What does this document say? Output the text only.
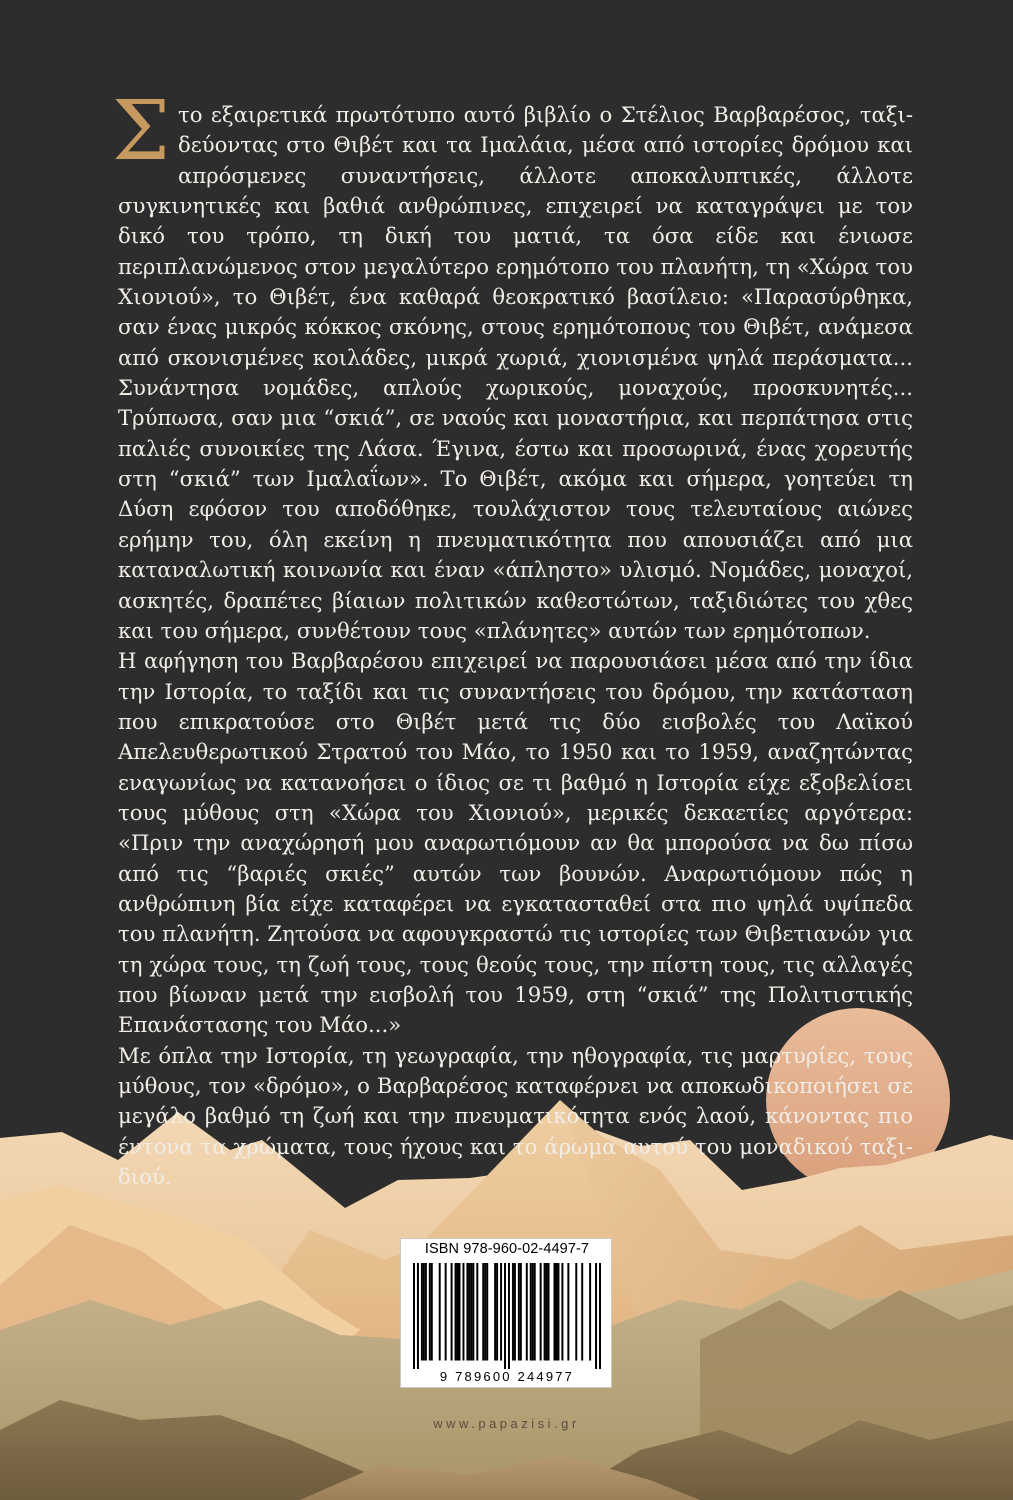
Στο εξαιρετικά πρωτότυπο αυτό βιβλίο ο Στέλιος Βαρβαρέσος, ταξιδεύοντας στο Θιβέτ και τα Ιμαλάια, μέσα από ιστορίες δρόμου και απρόσμενες συναντήσεις, άλλοτε αποκαλυπτικές, άλλοτε συγκινητικές και βαθιά ανθρώπινες, επιχειρεί να καταγράψει με τον δικό του τρόπο, τη δική του ματιά, τα όσα είδε και ένιωσε περιπλανώμενος στον μεγαλύτερο ερημότοπο του πλανήτη, τη «Χώρα του Χιονιού», το Θιβέτ, ένα καθαρά θεοκρατικό βασίλειο: «Παρασύρθηκα, σαν ένας μικρός κόκκος σκόνης, στους ερημότοπους του Θιβέτ, ανάμεσα από σκονισμένες κοιλάδες, μικρά χωριά, χιονισμένα ψηλά περάσματα... Συνάντησα νομάδες, απλούς χωρικούς, μοναχούς, προσκυνητές... Τρύπωσα, σαν μια “σκιά”, σε ναούς και μοναστήρια, και περπάτησα στις παλιές συνοικίες της Λάσα. Έγινα, έστω και προσωρινά, ένας χορευτής στη “σκιά” των Ιμαλαΐων». Το Θιβέτ, ακόμα και σήμερα, γοητεύει τη Δύση εφόσον του αποδόθηκε, τουλάχιστον τους τελευταίους αιώνες ερήμην του, όλη εκείνη η πνευματικότητα που απουσιάζει από μια καταναλωτική κοινωνία και έναν «άπληστο» υλισμό. Νομάδες, μοναχοί, ασκητές, δραπέτες βίαιων πολιτικών καθεστώτων, ταξιδιώτες του χθες και του σήμερα, συνθέτουν τους «πλάνητες» αυτών των ερημότοπων.

Η αφήγηση του Βαρβαρέσου επιχειρεί να παρουσιάσει μέσα από την ίδια την Ιστορία, το ταξίδι και τις συναντήσεις του δρόμου, την κατάσταση που επικρατούσε στο Θιβέτ μετά τις δύο εισβολές του Λαϊκού Απελευθερωτικού Στρατού του Μάο, το 1950 και το 1959, αναζητώντας εναγωνίως να κατανοήσει ο ίδιος σε τι βαθμό η Ιστορία είχε εξοβελίσει τους μύθους στη «Χώρα του Χιονιού», μερικές δεκαετίες αργότερα: «Πριν την αναχώρησή μου αναρωτιόμουν αν θα μπορούσα να δω πίσω από τις “βαριές σκιές” αυτών των βουνών. Αναρωτιόμουν πώς η ανθρώπινη βία είχε καταφέρει να εγκατασταθεί στα πιο ψηλά υψίπεδα του πλανήτη. Ζητούσα να αφουγκραστώ τις ιστορίες των Θιβετιανών για τη χώρα τους, τη ζωή τους, τους θεούς τους, την πίστη τους, τις αλλαγές που βίωναν μετά την εισβολή του 1959, στη “σκιά” της Πολιτιστικής Επανάστασης του Μάο...»

Με όπλα την Ιστορία, τη γεωγραφία, την ηθογραφία, τις μαρτυρίες, τους μύθους, τον «δρόμο», ο Βαρβαρέσος καταφέρνει να αποκωδικοποιήσει σε μεγάλο βαθμό τη ζωή και την πνευματικότητα ενός λαού, κάνοντας πιο έντονα τα χρώματα, τους ήχους και το άρωμα αυτού του μοναδικού ταξιδιού.

ISBN 978-960-02-4497-7
9 789600 244977
www.papazisi.gr
